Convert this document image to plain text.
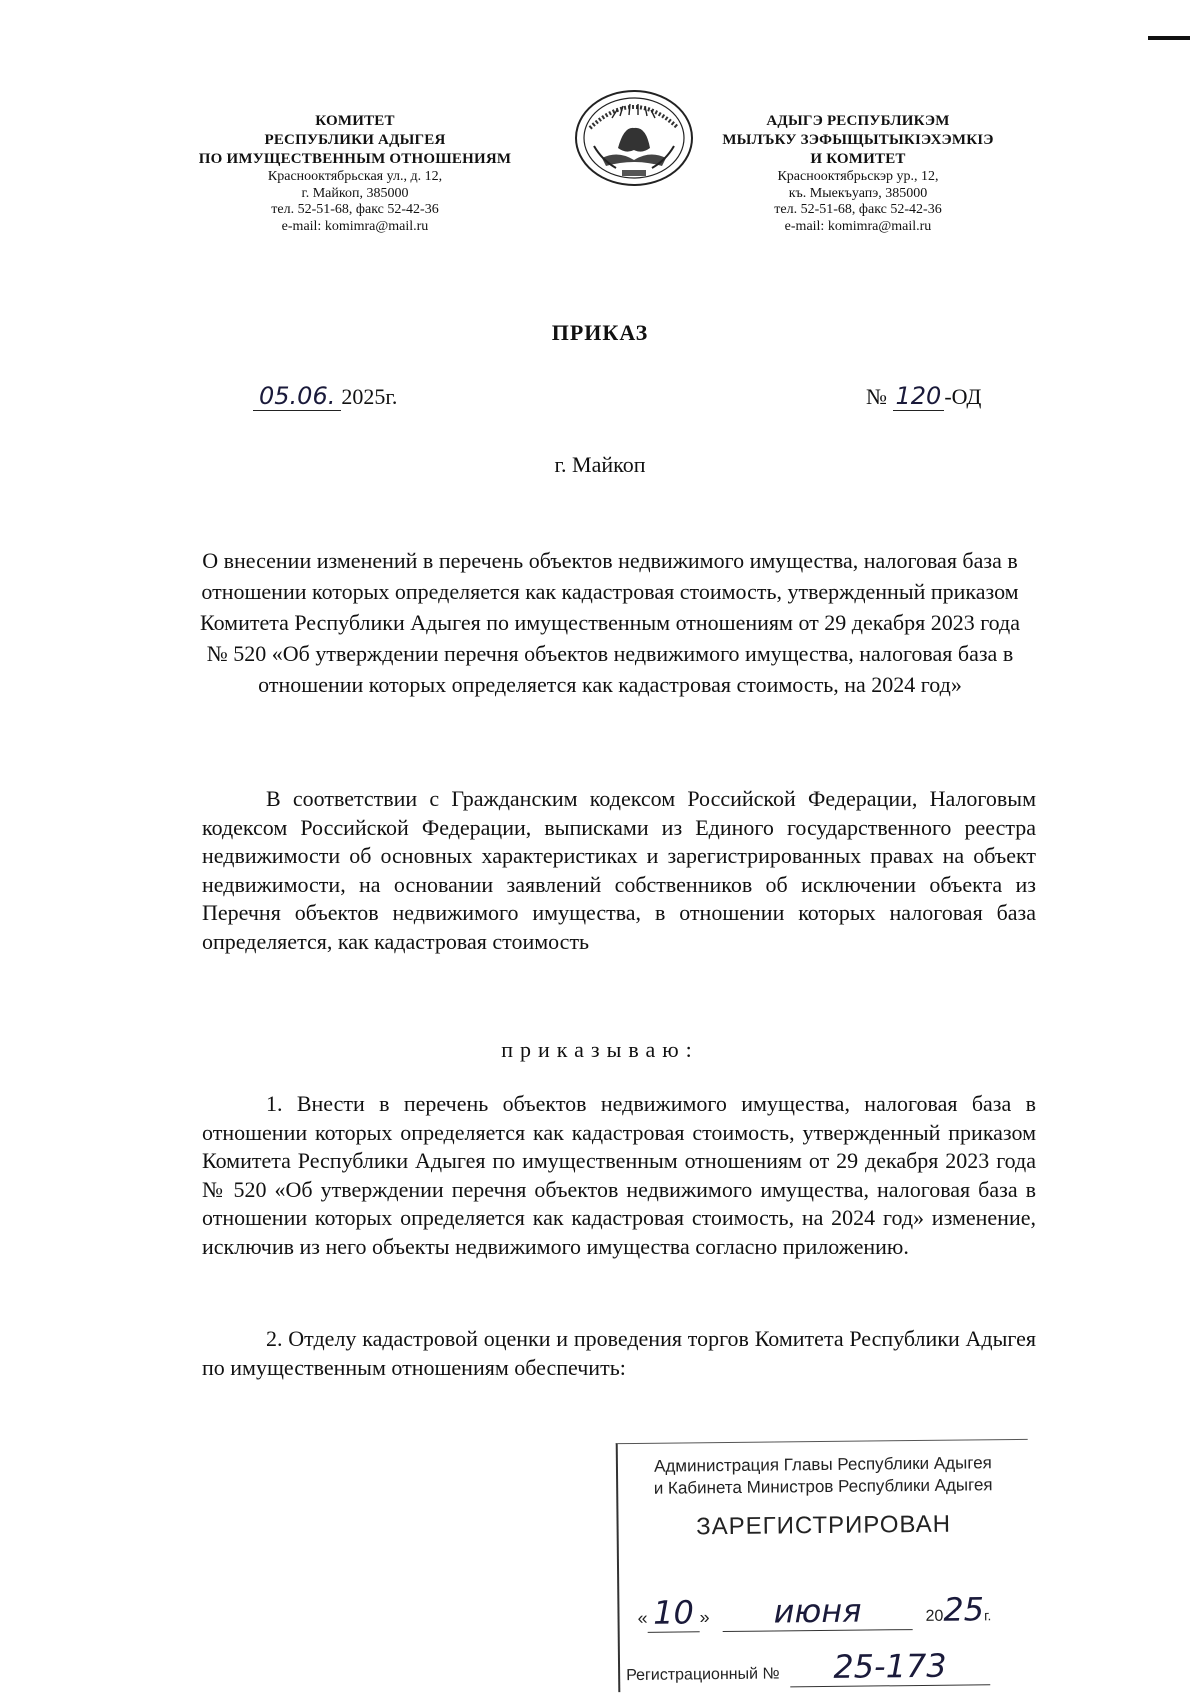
КОМИТЕТ
РЕСПУБЛИКИ АДЫГЕЯ
ПО ИМУЩЕСТВЕННЫМ ОТНОШЕНИЯМ
Краснооктябрьская ул., д. 12,
г. Майкоп, 385000
тел. 52-51-68, факс 52-42-36
e-mail: komimra@mail.ru
АДЫГЭ РЕСПУБЛИКЭМ
МЫЛЪКУ ЗЭФЫЩЫТЫКIЭХЭМКIЭ
И КОМИТЕТ
Краснооктябрьскэр ур., 12,
къ. Мыекъуапэ, 385000
тел. 52-51-68, факс 52-42-36
e-mail: komimra@mail.ru
ПРИКАЗ
05.06. 2025г.	№ 120 -ОД
г. Майкоп
О внесении изменений в перечень объектов недвижимого имущества, налоговая база в отношении которых определяется как кадастровая стоимость, утвержденный приказом Комитета Республики Адыгея по имущественным отношениям от 29 декабря 2023 года № 520 «Об утверждении перечня объектов недвижимого имущества, налоговая база в отношении которых определяется как кадастровая стоимость, на 2024 год»
В соответствии с Гражданским кодексом Российской Федерации, Налоговым кодексом Российской Федерации, выписками из Единого государственного реестра недвижимости об основных характеристиках и зарегистрированных правах на объект недвижимости, на основании заявлений собственников об исключении объекта из Перечня объектов недвижимого имущества, в отношении которых налоговая база определяется, как кадастровая стоимость
приказываю:
1. Внести в перечень объектов недвижимого имущества, налоговая база в отношении которых определяется как кадастровая стоимость, утвержденный приказом Комитета Республики Адыгея по имущественным отношениям от 29 декабря 2023 года № 520 «Об утверждении перечня объектов недвижимого имущества, налоговая база в отношении которых определяется как кадастровая стоимость, на 2024 год» изменение, исключив из него объекты недвижимого имущества согласно приложению.
2. Отделу кадастровой оценки и проведения торгов Комитета Республики Адыгея по имущественным отношениям обеспечить:
Администрация Главы Республики Адыгея
и Кабинета Министров Республики Адыгея
ЗАРЕГИСТРИРОВАН
« 10 » июня	2025г.
Регистрационный № 25-173
